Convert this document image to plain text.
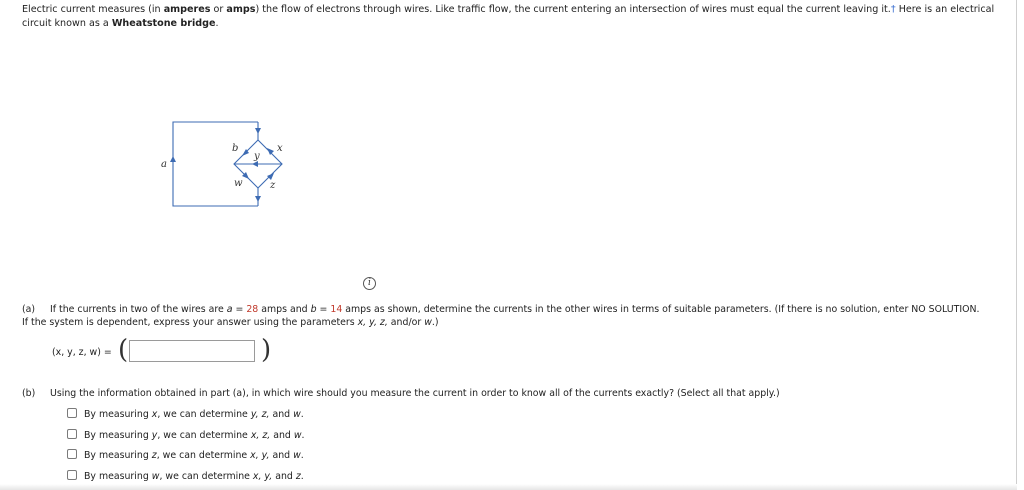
Electric current measures (in amperes or amps) the flow of electrons through wires. Like traffic flow, the current entering an intersection of wires must equal the current leaving it.† Here is an electrical circuit known as a Wheatstone bridge.
a
b	x
y
w	z
i
(a) If the currents in two of the wires are a = 28 amps and b = 14 amps as shown, determine the currents in the other wires in terms of suitable parameters. (If there is no solution, enter NO SOLUTION. If the system is dependent, express your answer using the parameters x, y, z, and/or w.)
(x, y, z, w) = (	)
(b) Using the information obtained in part (a), in which wire should you measure the current in order to know all of the currents exactly? (Select all that apply.)
By measuring x, we can determine y, z, and w.
By measuring y, we can determine x, z, and w.
By measuring z, we can determine x, y, and w.
By measuring w, we can determine x, y, and z.
